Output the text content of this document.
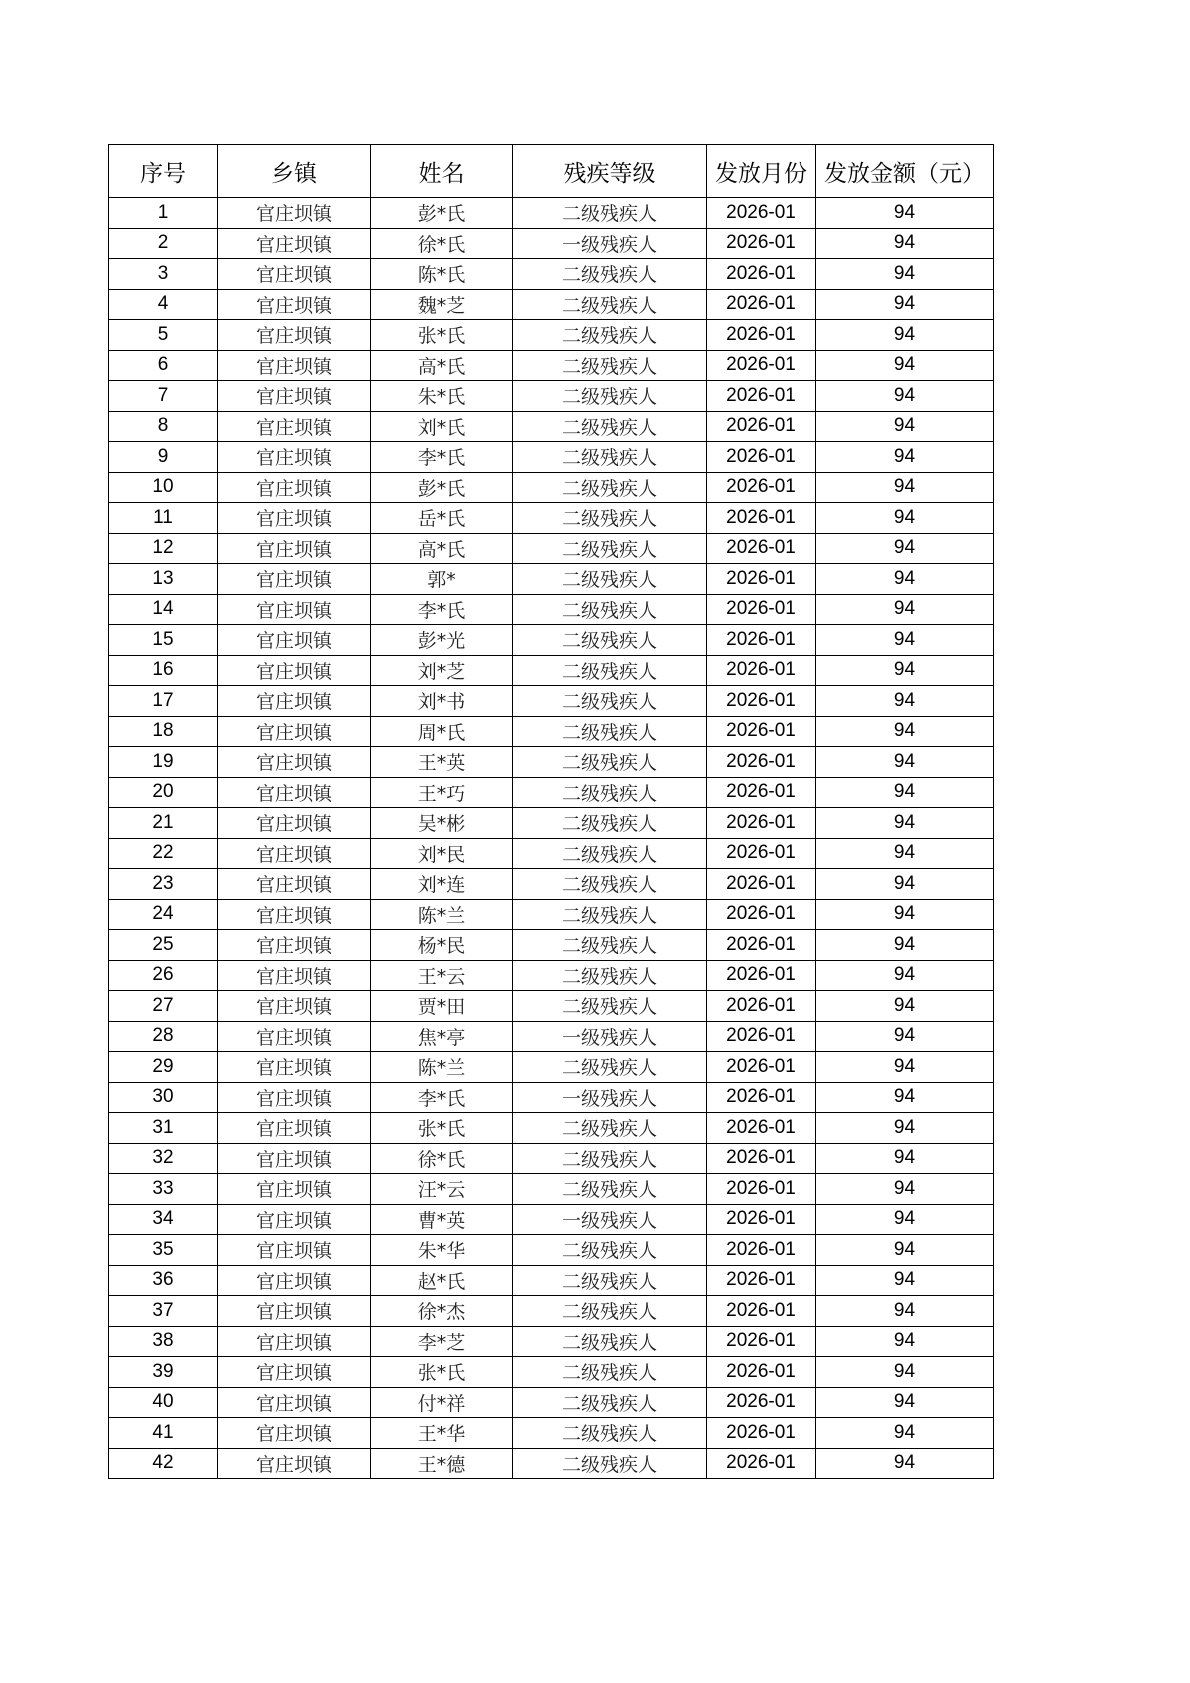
序号	乡镇	姓名	残疾等级	发放月份	发放金额（元）
1	官庄坝镇	彭*氏	二级残疾人	2026-01	94
2	官庄坝镇	徐*氏	一级残疾人	2026-01	94
3	官庄坝镇	陈*氏	二级残疾人	2026-01	94
4	官庄坝镇	魏*芝	二级残疾人	2026-01	94
5	官庄坝镇	张*氏	二级残疾人	2026-01	94
6	官庄坝镇	高*氏	二级残疾人	2026-01	94
7	官庄坝镇	朱*氏	二级残疾人	2026-01	94
8	官庄坝镇	刘*氏	二级残疾人	2026-01	94
9	官庄坝镇	李*氏	二级残疾人	2026-01	94
10	官庄坝镇	彭*氏	二级残疾人	2026-01	94
11	官庄坝镇	岳*氏	二级残疾人	2026-01	94
12	官庄坝镇	高*氏	二级残疾人	2026-01	94
13	官庄坝镇	郭*	二级残疾人	2026-01	94
14	官庄坝镇	李*氏	二级残疾人	2026-01	94
15	官庄坝镇	彭*光	二级残疾人	2026-01	94
16	官庄坝镇	刘*芝	二级残疾人	2026-01	94
17	官庄坝镇	刘*书	二级残疾人	2026-01	94
18	官庄坝镇	周*氏	二级残疾人	2026-01	94
19	官庄坝镇	王*英	二级残疾人	2026-01	94
20	官庄坝镇	王*巧	二级残疾人	2026-01	94
21	官庄坝镇	吴*彬	二级残疾人	2026-01	94
22	官庄坝镇	刘*民	二级残疾人	2026-01	94
23	官庄坝镇	刘*连	二级残疾人	2026-01	94
24	官庄坝镇	陈*兰	二级残疾人	2026-01	94
25	官庄坝镇	杨*民	二级残疾人	2026-01	94
26	官庄坝镇	王*云	二级残疾人	2026-01	94
27	官庄坝镇	贾*田	二级残疾人	2026-01	94
28	官庄坝镇	焦*亭	一级残疾人	2026-01	94
29	官庄坝镇	陈*兰	二级残疾人	2026-01	94
30	官庄坝镇	李*氏	一级残疾人	2026-01	94
31	官庄坝镇	张*氏	二级残疾人	2026-01	94
32	官庄坝镇	徐*氏	二级残疾人	2026-01	94
33	官庄坝镇	汪*云	二级残疾人	2026-01	94
34	官庄坝镇	曹*英	一级残疾人	2026-01	94
35	官庄坝镇	朱*华	二级残疾人	2026-01	94
36	官庄坝镇	赵*氏	二级残疾人	2026-01	94
37	官庄坝镇	徐*杰	二级残疾人	2026-01	94
38	官庄坝镇	李*芝	二级残疾人	2026-01	94
39	官庄坝镇	张*氏	二级残疾人	2026-01	94
40	官庄坝镇	付*祥	二级残疾人	2026-01	94
41	官庄坝镇	王*华	二级残疾人	2026-01	94
42	官庄坝镇	王*德	二级残疾人	2026-01	94
